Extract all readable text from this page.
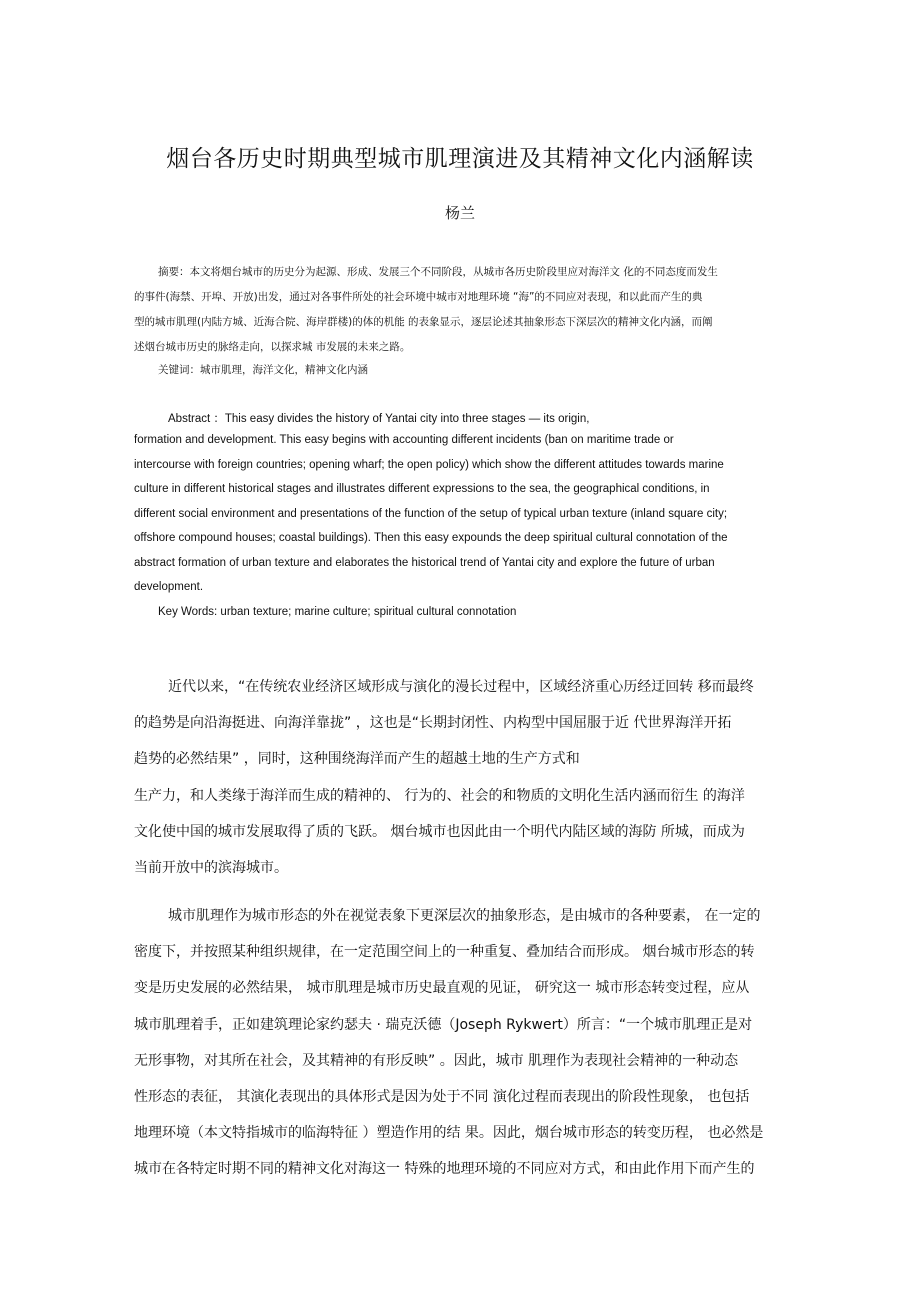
烟台各历史时期典型城市肌理演进及其精神文化内涵解读
杨兰

摘要：本文将烟台城市的历史分为起源、形成、发展三个不同阶段，从城市各历史阶段里应对海洋文 化的不同态度而发生

的事件(海禁、开埠、开放)出发，通过对各事件所处的社会环境中城市对地理环境 “海”的不同应对表现，和以此而产生的典

型的城市肌理(内陆方城、近海合院、海岸群楼)的体的机能 的表象显示，逐层论述其抽象形态下深层次的精神文化内涵，而阐

述烟台城市历史的脉络走向，以探求城 市发展的未来之路。

关键词：城市肌理，海洋文化，精神文化内涵

Abstract ：This easy divides the history of Yantai city into three stages — its origin,

formation and development. This easy begins with accounting different incidents (ban on maritime trade or

intercourse with foreign countries; opening wharf; the open policy) which show the different attitudes towards marine

culture in different historical stages and illustrates different expressions to the sea, the geographical conditions, in

different social environment and presentations of the function of the setup of typical urban texture (inland square city;

offshore compound houses; coastal buildings). Then this easy expounds the deep spiritual cultural connotation of the

abstract formation of urban texture and elaborates the historical trend of Yantai city and explore the future of urban

development.

Key Words: urban texture; marine culture; spiritual cultural connotation

近代以来，“在传统农业经济区域形成与演化的漫长过程中，区域经济重心历经迂回转 移而最终

的趋势是向沿海挺进、向海洋靠拢” ，这也是“长期封闭性、内构型中国屈服于近 代世界海洋开拓

趋势的必然结果” ，同时，这种围绕海洋而产生的超越土地的生产方式和

生产力，和人类缘于海洋而生成的精神的、 行为的、社会的和物质的文明化生活内涵而衍生 的海洋

文化使中国的城市发展取得了质的飞跃。 烟台城市也因此由一个明代内陆区域的海防 所城，而成为

当前开放中的滨海城市。

城市肌理作为城市形态的外在视觉表象下更深层次的抽象形态，是由城市的各种要素， 在一定的

密度下，并按照某种组织规律，在一定范围空间上的一种重复、叠加结合而形成。 烟台城市形态的转

变是历史发展的必然结果， 城市肌理是城市历史最直观的见证， 研究这一 城市形态转变过程，应从

城市肌理着手，正如建筑理论家约瑟夫 · 瑞克沃德（Joseph Rykwert）所言：“一个城市肌理正是对

无形事物，对其所在社会，及其精神的有形反映” 。因此，城市 肌理作为表现社会精神的一种动态

性形态的表征， 其演化表现出的具体形式是因为处于不同 演化过程而表现出的阶段性现象， 也包括

地理环境（本文特指城市的临海特征 ）塑造作用的结 果。因此，烟台城市形态的转变历程， 也必然是

城市在各特定时期不同的精神文化对海这一 特殊的地理环境的不同应对方式，和由此作用下而产生的
